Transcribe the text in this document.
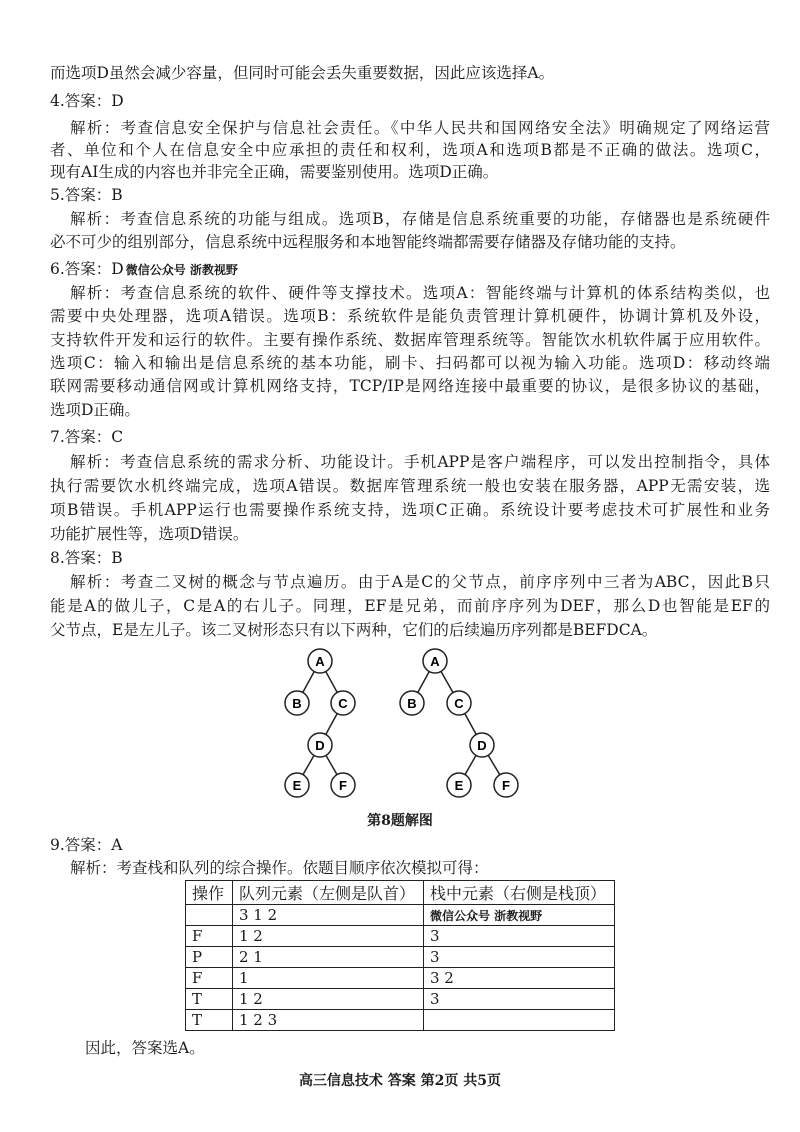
而选项D虽然会减少容量，但同时可能会丢失重要数据，因此应该选择A。
4.答案：D
解析：考查信息安全保护与信息社会责任。《中华人民共和国网络安全法》明确规定了网络运营
者、单位和个人在信息安全中应承担的责任和权利，选项A和选项B都是不正确的做法。选项C，
现有AI生成的内容也并非完全正确，需要鉴别使用。选项D正确。
5.答案：B
解析：考查信息系统的功能与组成。选项B，存储是信息系统重要的功能，存储器也是系统硬件
必不可少的组别部分，信息系统中远程服务和本地智能终端都需要存储器及存储功能的支持。
6.答案：D 微信公众号 浙教视野
解析：考查信息系统的软件、硬件等支撑技术。选项A：智能终端与计算机的体系结构类似，也
需要中央处理器，选项A错误。选项B：系统软件是能负责管理计算机硬件，协调计算机及外设，
支持软件开发和运行的软件。主要有操作系统、数据库管理系统等。智能饮水机软件属于应用软件。
选项C：输入和输出是信息系统的基本功能，刷卡、扫码都可以视为输入功能。选项D：移动终端
联网需要移动通信网或计算机网络支持，TCP/IP是网络连接中最重要的协议，是很多协议的基础，
选项D正确。
7.答案：C
解析：考查信息系统的需求分析、功能设计。手机APP是客户端程序，可以发出控制指令，具体
执行需要饮水机终端完成，选项A错误。数据库管理系统一般也安装在服务器，APP无需安装，选
项B错误。手机APP运行也需要操作系统支持，选项C正确。系统设计要考虑技术可扩展性和业务
功能扩展性等，选项D错误。
8.答案：B
解析：考查二叉树的概念与节点遍历。由于A是C的父节点，前序序列中三者为ABC，因此B只
能是A的做儿子，C是A的右儿子。同理，EF是兄弟，而前序序列为DEF，那么D也智能是EF的
父节点，E是左儿子。该二叉树形态只有以下两种，它们的后续遍历序列都是BEFDCA。
A
B	C
D
E	F
A
B	C
D
E	F
第8题解图
9.答案：A
解析：考查栈和队列的综合操作。依题目顺序依次模拟可得：
操作	队列元素（左侧是队首）	栈中元素（右侧是栈顶）
	3 1 2	微信公众号 浙教视野
F	1 2	3
P	2 1	3
F	1	3 2
T	1 2	3
T	1 2 3	
因此，答案选A。
高三信息技术 答案 第2页 共5页
